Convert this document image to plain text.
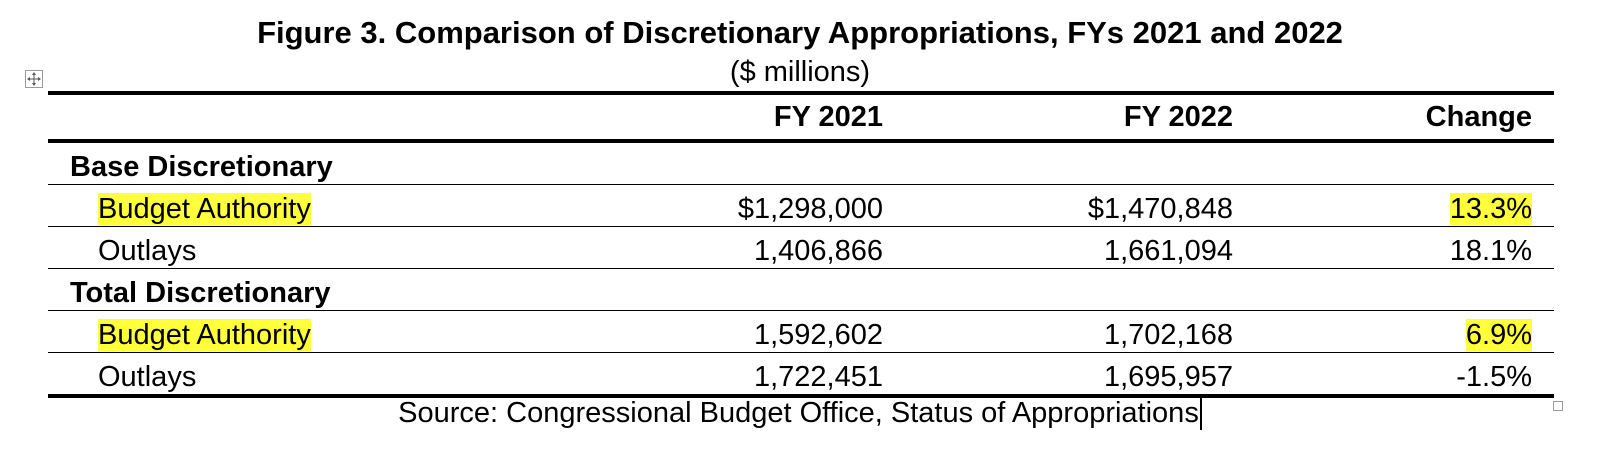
Figure 3. Comparison of Discretionary Appropriations, FYs 2021 and 2022
($ millions)
	FY 2021	FY 2022	Change
Base Discretionary			
Budget Authority	$1,298,000	$1,470,848	13.3%
Outlays	1,406,866	1,661,094	18.1%
Total Discretionary			
Budget Authority	1,592,602	1,702,168	6.9%
Outlays	1,722,451	1,695,957	-1.5%
Source: Congressional Budget Office, Status of Appropriations
